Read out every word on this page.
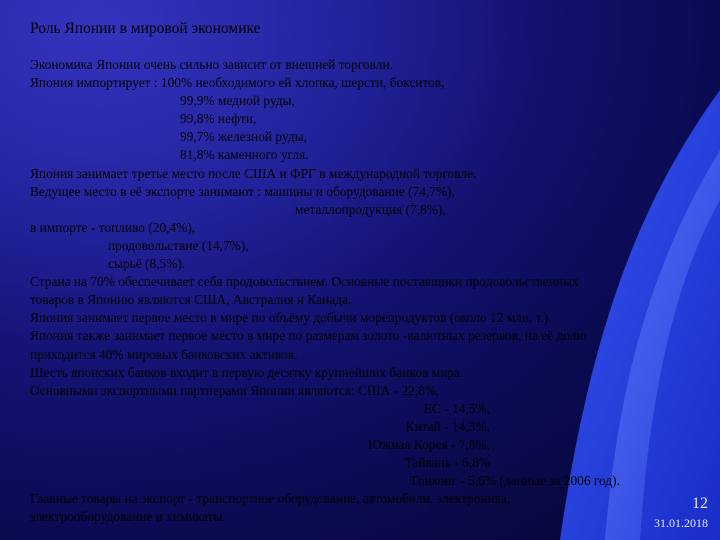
Роль Японии в мировой экономике
Экономика Японии очень сильно зависит от внешней торговли.
Япония импортирует : 100% необходимого ей хлопка, шерсти, бокситов,
99,9% медной руды,
99,8% нефти,
99,7% железной руды,
81,8% каменного угля.
Япония занимает третье место после США и ФРГ в международной торговле.
Ведущее место в её экспорте занимают : машины и оборудование (74,7%),
металлопродукция (7,8%),
в импорте - топливо (20,4%),
продовольствие (14,7%),
сырьё (8,5%).
Страна на 70% обеспечивает себя продовольствием. Основные поставщики продовольственных
товаров в Японию являются США, Австралия и Канада.
Япония занимает первое место в мире по объёму добычи морепродуктов (около 12 млн. т.).
Япония также занимает первое место в мире по размерам золото -валютных резервов, на её долю
приходится 40% мировых банковских активов.
Шесть японских банков входит в первую десятку крупнейших банков мира.
Основными экспортными партнерами Японии являются: США - 22,8%,
ЕС - 14,5%,
Китай - 14,3%,
Южная Корея - 7,8%,
Тайвань - 6,8%
Гонконг - 5,6% (данные за 2006 год).
Главные товары на экспорт - транспортное оборудование, автомобили, электроника,
электрооборудование и химикаты.
12
31.01.2018
